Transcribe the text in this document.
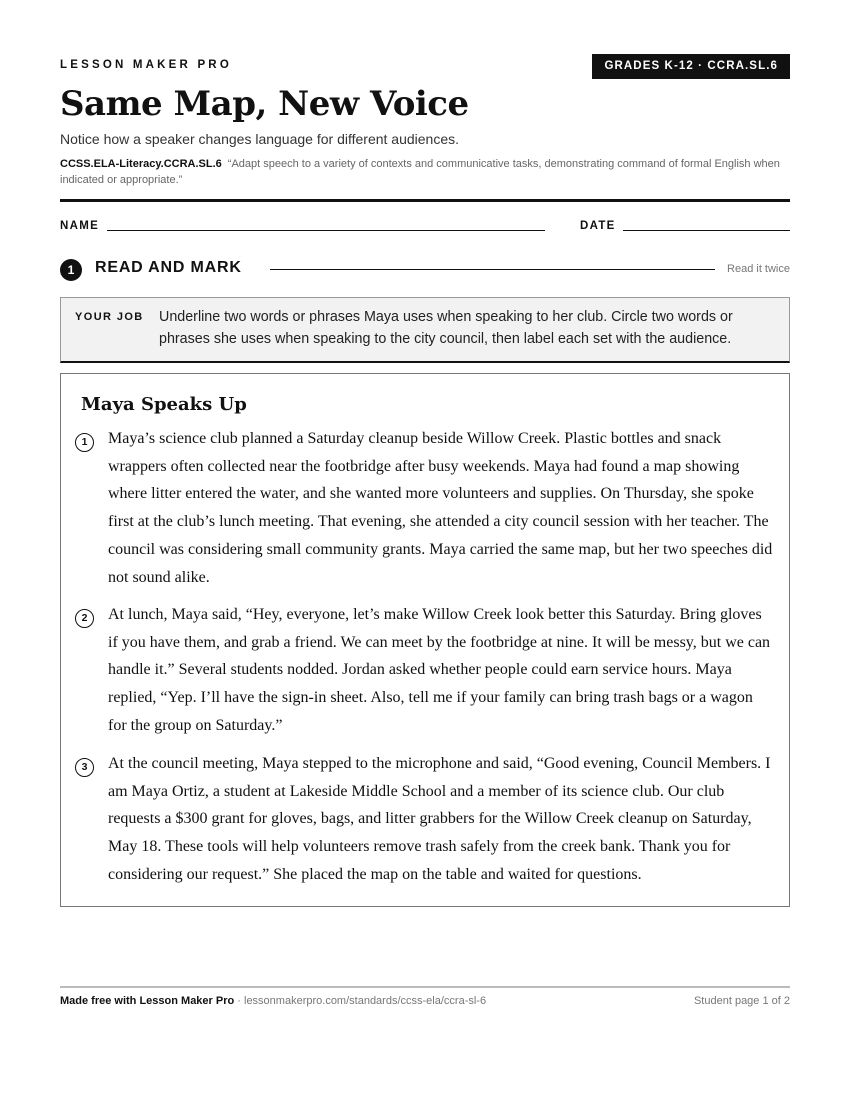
LESSON MAKER PRO	GRADES K-12 · CCRA.SL.6
Same Map, New Voice
Notice how a speaker changes language for different audiences.
CCSS.ELA-Literacy.CCRA.SL.6 “Adapt speech to a variety of contexts and communicative tasks, demonstrating command of formal English when indicated or appropriate.”
NAME	DATE
1	READ AND MARK	Read it twice
YOUR JOB Underline two words or phrases Maya uses when speaking to her club. Circle two words or phrases she uses when speaking to the city council, then label each set with the audience.
Maya Speaks Up
1	Maya’s science club planned a Saturday cleanup beside Willow Creek. Plastic bottles and snack wrappers often collected near the footbridge after busy weekends. Maya had found a map showing where litter entered the water, and she wanted more volunteers and supplies. On Thursday, she spoke first at the club’s lunch meeting. That evening, she attended a city council session with her teacher. The council was considering small community grants. Maya carried the same map, but her two speeches did not sound alike.
2	At lunch, Maya said, “Hey, everyone, let’s make Willow Creek look better this Saturday. Bring gloves if you have them, and grab a friend. We can meet by the footbridge at nine. It will be messy, but we can handle it.” Several students nodded. Jordan asked whether people could earn service hours. Maya replied, “Yep. I’ll have the sign-in sheet. Also, tell me if your family can bring trash bags or a wagon for the group on Saturday.”
3	At the council meeting, Maya stepped to the microphone and said, “Good evening, Council Members. I am Maya Ortiz, a student at Lakeside Middle School and a member of its science club. Our club requests a $300 grant for gloves, bags, and litter grabbers for the Willow Creek cleanup on Saturday, May 18. These tools will help volunteers remove trash safely from the creek bank. Thank you for considering our request.” She placed the map on the table and waited for questions.
Made free with Lesson Maker Pro · lessonmakerpro.com/standards/ccss-ela/ccra-sl-6	Student page 1 of 2
